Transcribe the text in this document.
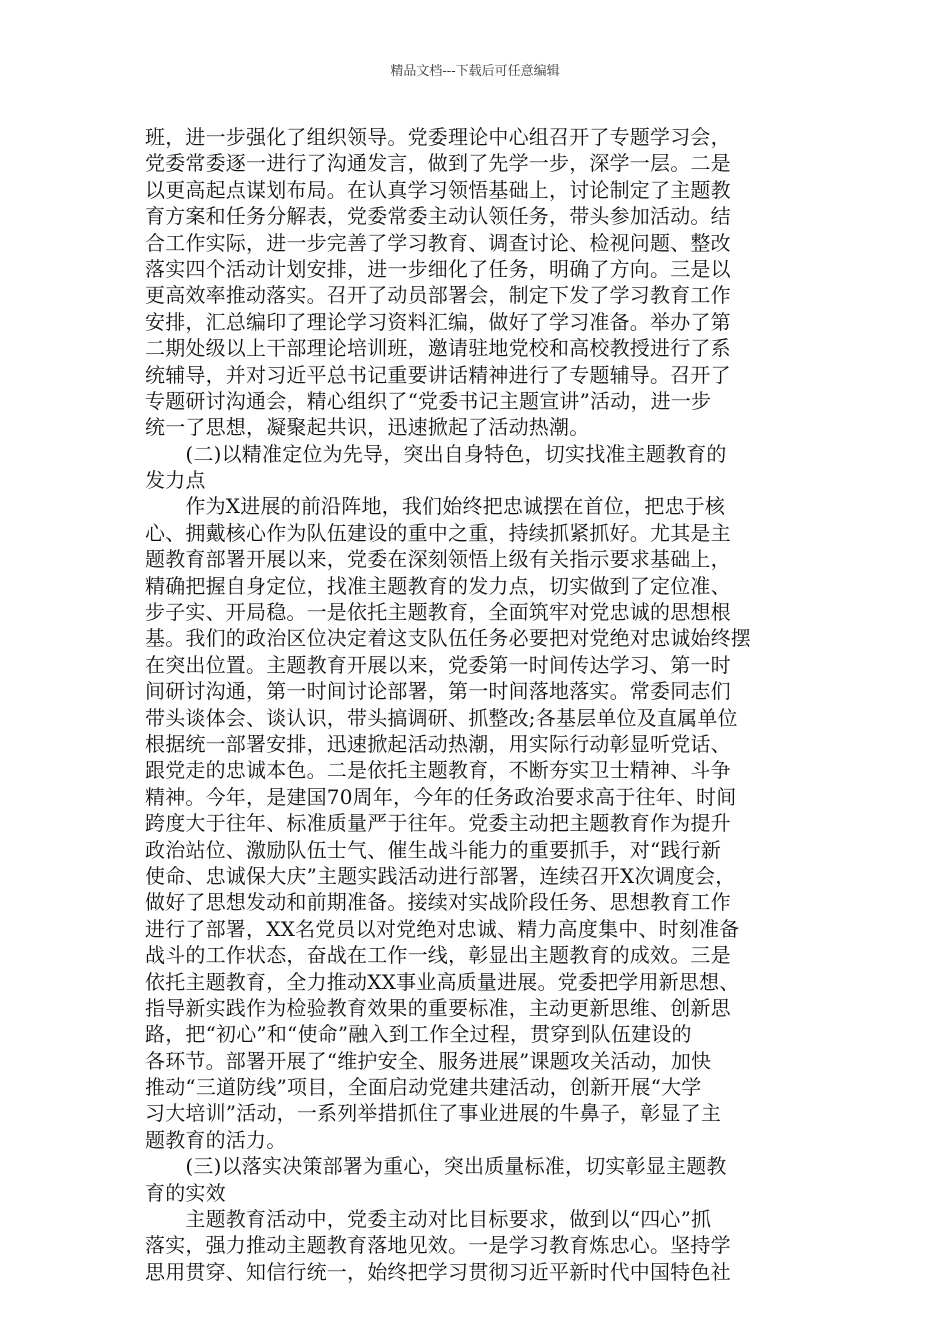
精品文档---下载后可任意编辑
班，进一步强化了组织领导。党委理论中心组召开了专题学习会，
党委常委逐一进行了沟通发言，做到了先学一步，深学一层。二是
以更高起点谋划布局。在认真学习领悟基础上，讨论制定了主题教
育方案和任务分解表，党委常委主动认领任务，带头参加活动。结
合工作实际，进一步完善了学习教育、调查讨论、检视问题、整改
落实四个活动计划安排，进一步细化了任务，明确了方向。三是以
更高效率推动落实。召开了动员部署会，制定下发了学习教育工作
安排，汇总编印了理论学习资料汇编，做好了学习准备。举办了第
二期处级以上干部理论培训班，邀请驻地党校和高校教授进行了系
统辅导，并对习近平总书记重要讲话精神进行了专题辅导。召开了
专题研讨沟通会，精心组织了“党委书记主题宣讲”活动，进一步
统一了思想，凝聚起共识，迅速掀起了活动热潮。
　　(二)以精准定位为先导，突出自身特色，切实找准主题教育的
发力点
　　作为X进展的前沿阵地，我们始终把忠诚摆在首位，把忠于核
心、拥戴核心作为队伍建设的重中之重，持续抓紧抓好。尤其是主
题教育部署开展以来，党委在深刻领悟上级有关指示要求基础上，
精确把握自身定位，找准主题教育的发力点，切实做到了定位准、
步子实、开局稳。一是依托主题教育，全面筑牢对党忠诚的思想根
基。我们的政治区位决定着这支队伍任务必要把对党绝对忠诚始终摆
在突出位置。主题教育开展以来，党委第一时间传达学习、第一时
间研讨沟通，第一时间讨论部署，第一时间落地落实。常委同志们
带头谈体会、谈认识，带头搞调研、抓整改;各基层单位及直属单位
根据统一部署安排，迅速掀起活动热潮，用实际行动彰显听党话、
跟党走的忠诚本色。二是依托主题教育，不断夯实卫士精神、斗争
精神。今年，是建国70周年，今年的任务政治要求高于往年、时间
跨度大于往年、标准质量严于往年。党委主动把主题教育作为提升
政治站位、激励队伍士气、催生战斗能力的重要抓手，对“践行新
使命、忠诚保大庆”主题实践活动进行部署，连续召开X次调度会，
做好了思想发动和前期准备。接续对实战阶段任务、思想教育工作
进行了部署，XX名党员以对党绝对忠诚、精力高度集中、时刻准备
战斗的工作状态，奋战在工作一线，彰显出主题教育的成效。三是
依托主题教育，全力推动XX事业高质量进展。党委把学用新思想、
指导新实践作为检验教育效果的重要标准，主动更新思维、创新思
路，把“初心”和“使命”融入到工作全过程，贯穿到队伍建设的
各环节。部署开展了“维护安全、服务进展”课题攻关活动，加快
推动“三道防线”项目，全面启动党建共建活动，创新开展“大学
习大培训”活动，一系列举措抓住了事业进展的牛鼻子，彰显了主
题教育的活力。
　　(三)以落实决策部署为重心，突出质量标准，切实彰显主题教
育的实效
　　主题教育活动中，党委主动对比目标要求，做到以“四心”抓
落实，强力推动主题教育落地见效。一是学习教育炼忠心。坚持学
思用贯穿、知信行统一，始终把学习贯彻习近平新时代中国特色社
